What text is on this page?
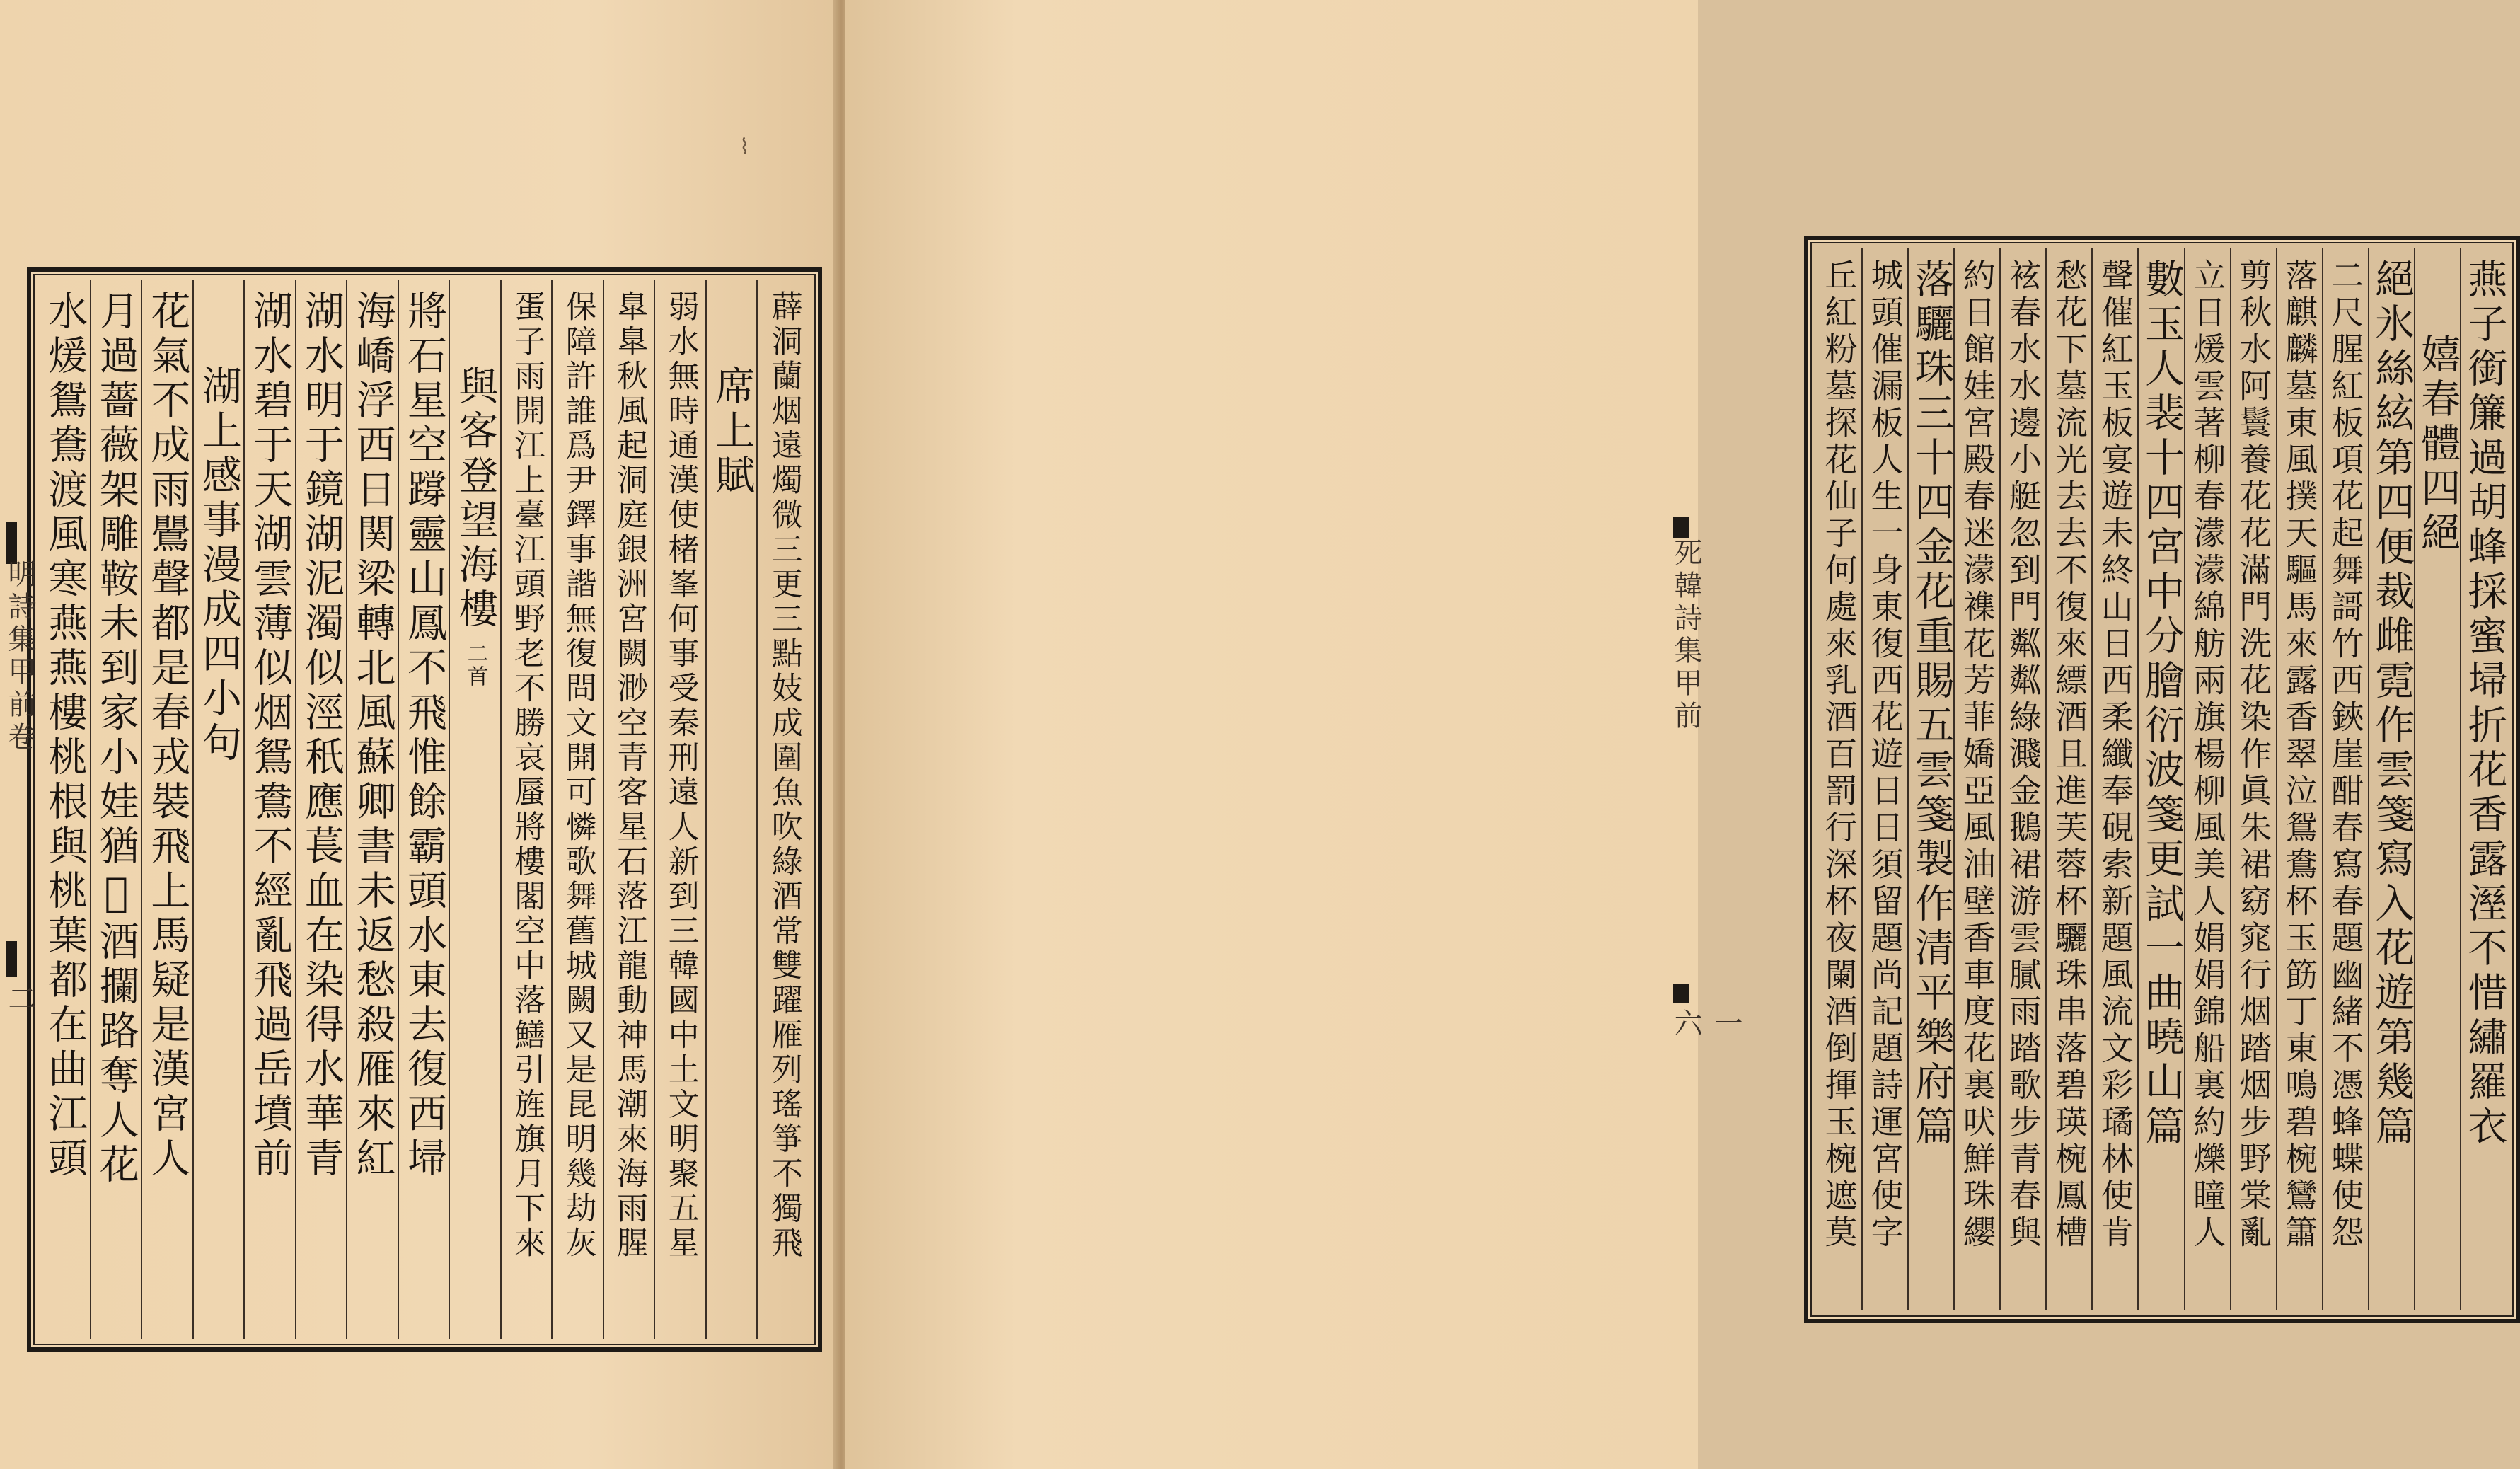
水煖鴛鴦渡風寒燕燕樓桃根與桃葉都在曲江頭 月過薔薇架雕鞍未到家小娃猶𣢹酒攔路奪人花 花氣不成雨鷪聲都是春戎裝飛上馬疑是漢宮人 湖上感事漫成四小句 湖水碧于天湖雲薄似烟鴛鴦不經亂飛過岳墳前 湖水明于鏡湖泥濁似涇秖應萇血在染得水華青 海嶠浮西日関梁轉北風蘇卿書未返愁殺雁來紅 將石星空𨅝靈山鳳不飛惟餘霸頭水東去復西埽 與客登望海樓
二首 蛋子雨開江上臺江頭野老不勝哀蜃將樓閣空中落鱔引旌旗月下來 保障許誰爲尹鐸事諧無復問文開可憐歌舞舊城闕又是昆明幾劫灰 臯臯秋風起洞庭銀洲宮闕渺空青客星石落江龍動神馬潮來海雨腥 弱水無時通漢使楮峯何事受秦刑遠人新到三韓國中土文明聚五星 席上賦 薜洞蘭烟遠燭微三更三點妓成圍魚吹綠酒常雙躍雁列瑤箏不獨飛
明詩集甲前卷
二
⌇
丘紅粉墓探花仙子何處來乳酒百罰行深杯夜闌酒倒揮玉椀遮莫 城頭催漏板人生一身東復西花遊日日須留題尚記題詩運宮使字 落驪珠三十四金花重賜五雲箋製作清平樂府篇 約日館娃宮殿春迷濛襍花芳菲嬌亞風油壁香車度花裏吠鮮珠纓 袨春水水邊小艇忽到門粼粼綠濺金鵝裙游雲膩雨踏歌步青春與 愁花下墓流光去去不復來縹酒且進芙蓉杯驪珠串落碧瑛椀鳳槽 聲催紅玉板宴遊未終山日西柔纖奉硯索新題風流文彩璚林使肯 數玉人裴十四宮中分膾衍波箋更試一曲曉山篇 立日煖雲著柳春濛濛綿舫兩旗楊柳風美人娟娟錦船裏約爍瞳人 剪秋水阿鬟養花花滿門洗花染作眞朱裙窈窕行烟踏烟步野棠亂 落麒麟墓東風撲天驅馬來露香翠泣鴛鴦杯玉筯丁東鳴碧椀鸞簫 二尺腥紅板項花起舞謌竹西鋏崖酣春寫春題幽緒不憑蜂蝶使怨 絕氷絲絃第四便裁雌霓作雲箋寫入花遊第幾篇 嬉春體四絕 燕子銜簾過胡蜂採蜜埽折花香露溼不惜繡羅衣
死韓詩集甲前
一六
